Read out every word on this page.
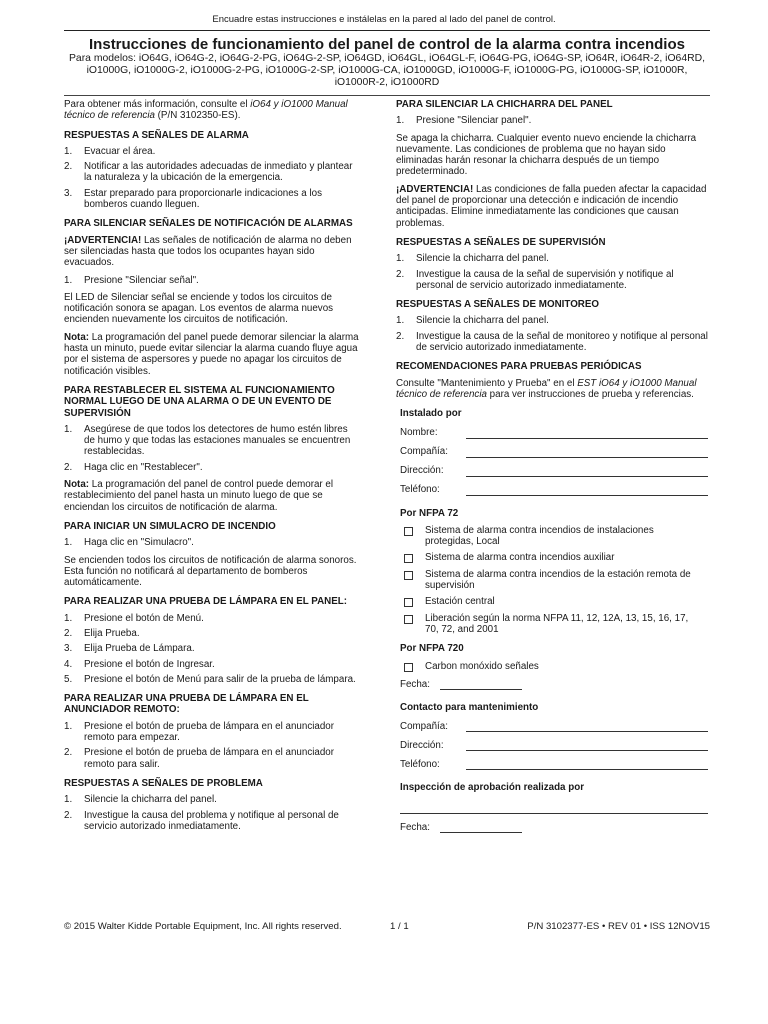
Encuadre estas instrucciones e instálelas en la pared al lado del panel de control.
Instrucciones de funcionamiento del panel de control de la alarma contra incendios
Para modelos: iO64G, iO64G-2, iO64G-2-PG, iO64G-2-SP, iO64GD, iO64GL, iO64GL-F, iO64G-PG, iO64G-SP, iO64R, iO64R-2, iO64RD, iO1000G, iO1000G-2, iO1000G-2-PG, iO1000G-2-SP, iO1000G-CA, iO1000GD, iO1000G-F, iO1000G-PG, iO1000G-SP, iO1000R, iO1000R-2, iO1000RD

Para obtener más información, consulte el iO64 y iO1000 Manual técnico de referencia (P/N 3102350-ES).

RESPUESTAS A SEÑALES DE ALARMA
1. Evacuar el área.
2. Notificar a las autoridades adecuadas de inmediato y plantear la naturaleza y la ubicación de la emergencia.
3. Estar preparado para proporcionarle indicaciones a los bomberos cuando lleguen.
PARA SILENCIAR SEÑALES DE NOTIFICACIÓN DE ALARMAS

¡ADVERTENCIA! Las señales de notificación de alarma no deben ser silenciadas hasta que todos los ocupantes hayan sido evacuados.

1. Presione "Silenciar señal".

El LED de Silenciar señal se enciende y todos los circuitos de notificación sonora se apagan. Los eventos de alarma nuevos encienden nuevamente los circuitos de notificación.

Nota: La programación del panel puede demorar silenciar la alarma hasta un minuto, puede evitar silenciar la alarma cuando fluye agua por el sistema de aspersores y puede no apagar los circuitos de notificación visibles.

PARA RESTABLECER EL SISTEMA AL FUNCIONAMIENTO NORMAL LUEGO DE UNA ALARMA O DE UN EVENTO DE SUPERVISIÓN
1. Asegúrese de que todos los detectores de humo estén libres de humo y que todas las estaciones manuales se encuentren restablecidas.
2. Haga clic en "Restablecer".

Nota: La programación del panel de control puede demorar el restablecimiento del panel hasta un minuto luego de que se enciendan los circuitos de notificación de alarma.

PARA INICIAR UN SIMULACRO DE INCENDIO
1. Haga clic en "Simulacro".

Se encienden todos los circuitos de notificación de alarma sonoros. Esta función no notificará al departamento de bomberos automáticamente.

PARA REALIZAR UNA PRUEBA DE LÁMPARA EN EL PANEL:
1. Presione el botón de Menú.
2. Elija Prueba.
3. Elija Prueba de Lámpara.
4. Presione el botón de Ingresar.
5. Presione el botón de Menú para salir de la prueba de lámpara.
PARA REALIZAR UNA PRUEBA DE LÁMPARA EN EL ANUNCIADOR REMOTO:
1. Presione el botón de prueba de lámpara en el anunciador remoto para empezar.
2. Presione el botón de prueba de lámpara en el anunciador remoto para salir.
RESPUESTAS A SEÑALES DE PROBLEMA
1. Silencie la chicharra del panel.
2. Investigue la causa del problema y notifique al personal de servicio autorizado inmediatamente.
PARA SILENCIAR LA CHICHARRA DEL PANEL
1. Presione "Silenciar panel".

Se apaga la chicharra. Cualquier evento nuevo enciende la chicharra nuevamente. Las condiciones de problema que no hayan sido eliminadas harán resonar la chicharra después de un tiempo predeterminado.

¡ADVERTENCIA! Las condiciones de falla pueden afectar la capacidad del panel de proporcionar una detección e indicación de incendio anticipadas. Elimine inmediatamente las condiciones que causan problemas.

RESPUESTAS A SEÑALES DE SUPERVISIÓN
1. Silencie la chicharra del panel.
2. Investigue la causa de la señal de supervisión y notifique al personal de servicio autorizado inmediatamente.
RESPUESTAS A SEÑALES DE MONITOREO
1. Silencie la chicharra del panel.
2. Investigue la causa de la señal de monitoreo y notifique al personal de servicio autorizado inmediatamente.
RECOMENDACIONES PARA PRUEBAS PERIÓDICAS

Consulte "Mantenimiento y Prueba" en el EST iO64 y iO1000 Manual técnico de referencia para ver instrucciones de prueba y referencias.

Instalado por
Nombre:
Compañía:
Dirección:
Teléfono:
Por NFPA 72
Sistema de alarma contra incendios de instalaciones protegidas, Local
Sistema de alarma contra incendios auxiliar
Sistema de alarma contra incendios de la estación remota de supervisión
Estación central
Liberación según la norma NFPA 11, 12, 12A, 13, 15, 16, 17, 70, 72, and 2001
Por NFPA 720
Carbon monóxido señales
Fecha:
Contacto para mantenimiento
Compañía:
Dirección:
Teléfono:
Inspección de aprobación realizada por
Fecha:
© 2015 Walter Kidde Portable Equipment, Inc. All rights reserved.	1 / 1	P/N 3102377-ES • REV 01 • ISS 12NOV15
